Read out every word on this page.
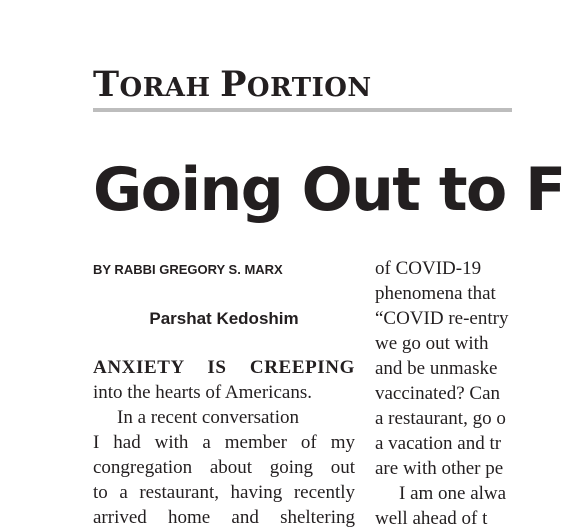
TORAH PORTION
Going Out to F
BY RABBI GREGORY S. MARX
Parshat Kedoshim
ANXIETY IS CREEPING
into the hearts of Americans.
In a recent conversation
I had with a member of my
congregation about going out
to a restaurant, having recently
arrived home and sheltering
of COVID-19
phenomena that
“COVID re-entry
we go out with
and be unmaske
vaccinated? Can
a restaurant, go o
a vacation and tr
are with other pe
I am one alwa
well ahead of t
